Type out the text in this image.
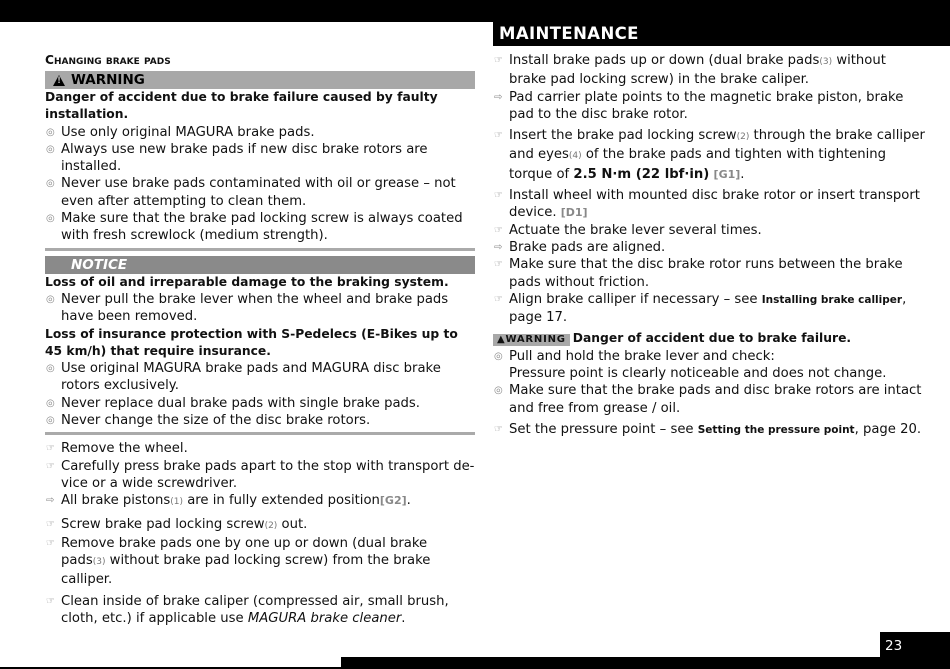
MAINTENANCE
Changing brake pads
!
WARNING
Danger of accident due to brake failure caused by faulty installation.
◎ Use only original MAGURA brake pads.
◎ Always use new brake pads if new disc brake rotors are installed.
◎ Never use brake pads contaminated with oil or grease – not even after attempting to clean them.
◎ Make sure that the brake pad locking screw is always coated with fresh screwlock (medium strength).
NOTICE
Loss of oil and irreparable damage to the braking system.
◎ Never pull the brake lever when the wheel and brake pads have been removed.
Loss of insurance protection with S-Pedelecs (E-Bikes up to 45 km/h) that require insurance.
◎ Use original MAGURA brake pads and MAGURA disc brake rotors exclusively.
◎ Never replace dual brake pads with single brake pads.
◎ Never change the size of the disc brake rotors.
☞ Remove the wheel.
☞ Carefully press brake pads apart to the stop with transport de-vice or a wide screwdriver.
⇨ All brake pistons(1) are in fully extended position[G2].
☞ Screw brake pad locking screw(2) out.
☞ Remove brake pads one by one up or down (dual brake pads(3) without brake pad locking screw) from the brake calliper.
☞ Clean inside of brake caliper (compressed air, small brush, cloth, etc.) if applicable use MAGURA brake cleaner.
☞ Install brake pads up or down (dual brake pads(3) without brake pad locking screw) in the brake caliper.
⇨ Pad carrier plate points to the magnetic brake piston, brake pad to the disc brake rotor.
☞ Insert the brake pad locking screw(2) through the brake calliper and eyes(4) of the brake pads and tighten with tightening torque of 2.5 N·m (22 lbf·in) [G1].
☞ Install wheel with mounted disc brake rotor or insert transport device. [D1]
☞ Actuate the brake lever several times.
⇨ Brake pads are aligned.
☞ Make sure that the disc brake rotor runs between the brake pads without friction.
☞ Align brake calliper if necessary – see Installing brake calliper, page 17.
▲WARNING Danger of accident due to brake failure.
◎ Pull and hold the brake lever and check:
Pressure point is clearly noticeable and does not change.
◎ Make sure that the brake pads and disc brake rotors are intact and free from grease / oil.
☞ Set the pressure point – see Setting the pressure point, page 20.
23
